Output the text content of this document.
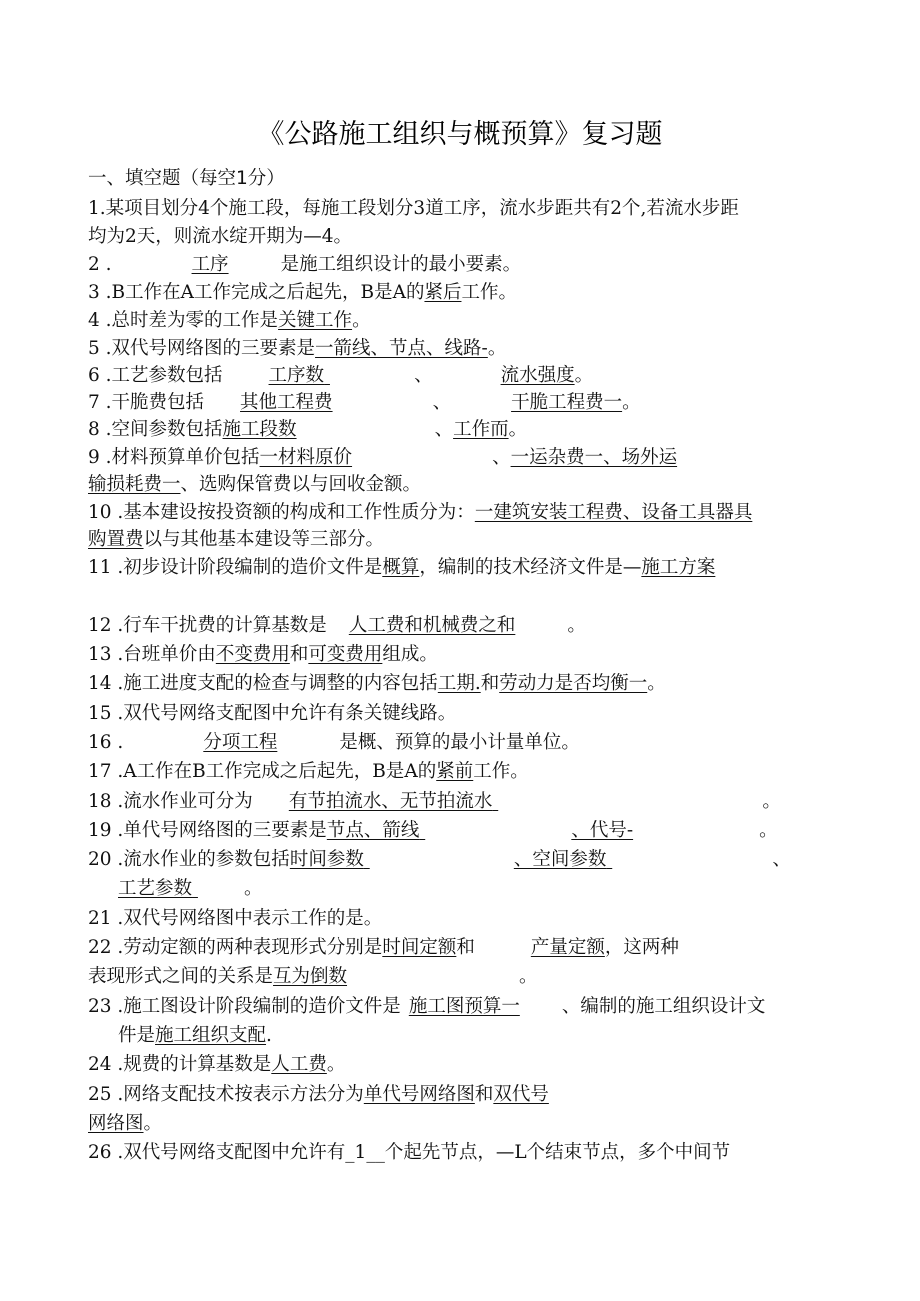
《公路施工组织与概预算》复习题
一、填空题（每空1分）
1.某项目划分4个施工段，每施工段划分3道工序，流水步距共有2个,若流水步距
均为2天，则流水绽开期为—4。
2 .	工序	是施工组织设计的最小要素。
3 .B工作在A工作完成之后起先，B是A的紧后工作。
4 .总时差为零的工作是关键工作。
5 .双代号网络图的三要素是一箭线、节点、线路-。
6 .工艺参数包括 工序数	、	流水强度。
7 .干脆费包括 其他工程费	、	干脆工程费一。
8 .空间参数包括施工段数	、工作而。
9 .材料预算单价包括一材料原价	、一运杂费一、场外运
输损耗费一、选购保管费以与回收金额。
10 .基本建设按投资额的构成和工作性质分为：一建筑安装工程费、设备工具器具
购置费以与其他基本建设等三部分。
11 .初步设计阶段编制的造价文件是概算，编制的技术经济文件是—施工方案
12 .行车干扰费的计算基数是 人工费和机械费之和	。
13 .台班单价由不变费用和可变费用组成。
14 .施工进度支配的检查与调整的内容包括工期.和劳动力是否均衡一。
15 .双代号网络支配图中允许有条关键线路。
16 .	分项工程	是概、预算的最小计量单位。
17 .A工作在B工作完成之后起先，B是A的紧前工作。
18 .流水作业可分为 有节拍流水、无节拍流水	。
19 .单代号网络图的三要素是节点、箭线	、代号-	。
20 .流水作业的参数包括时间参数	、空间参数	、
工艺参数	。
21 .双代号网络图中表示工作的是。
22 .劳动定额的两种表现形式分别是时间定额和	产量定额，这两种
表现形式之间的关系是互为倒数	。
23 .施工图设计阶段编制的造价文件是 施工图预算一 、编制的施工组织设计文
件是施工组织支配.
24 .规费的计算基数是人工费。
25 .网络支配技术按表示方法分为单代号网络图和双代号
网络图。
26 .双代号网络支配图中允许有_1__个起先节点，—L个结束节点，多个中间节
